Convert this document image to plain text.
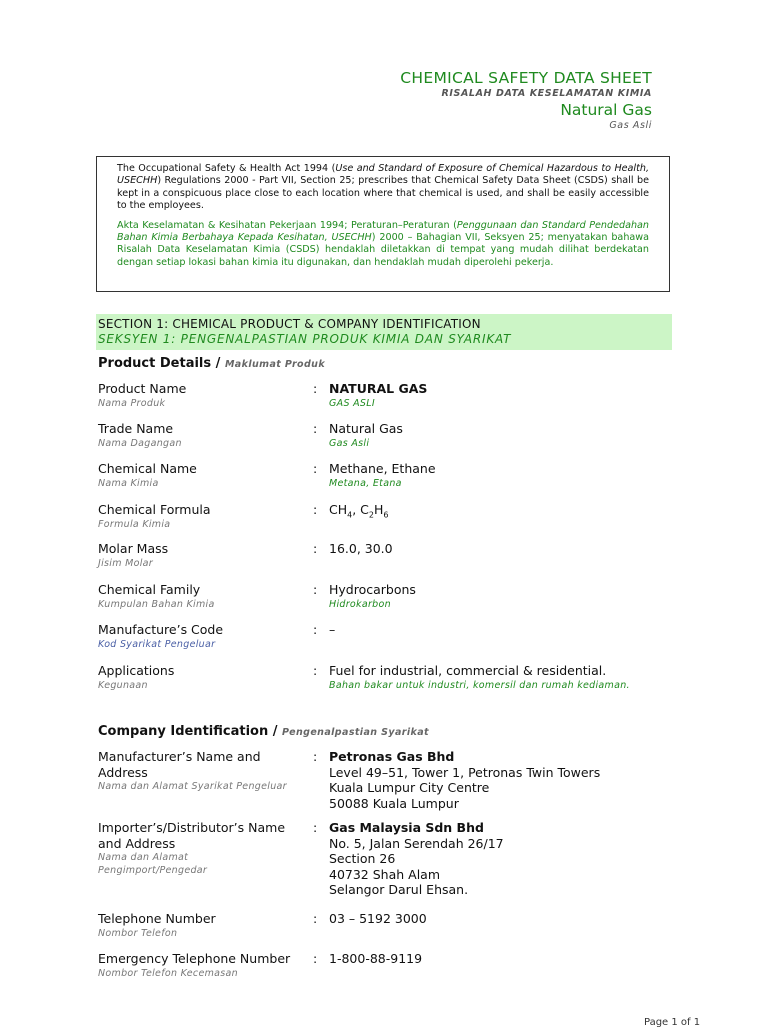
CHEMICAL SAFETY DATA SHEET
RISALAH DATA KESELAMATAN KIMIA
Natural Gas
Gas Asli

The Occupational Safety & Health Act 1994 (Use and Standard of Exposure of Chemical Hazardous to Health, USECHH) Regulations 2000 - Part VII, Section 25; prescribes that Chemical Safety Data Sheet (CSDS) shall be kept in a conspicuous place close to each location where that chemical is used, and shall be easily accessible to the employees.

Akta Keselamatan & Kesihatan Pekerjaan 1994; Peraturan–Peraturan (Penggunaan dan Standard Pendedahan Bahan Kimia Berbahaya Kepada Kesihatan, USECHH) 2000 – Bahagian VII, Seksyen 25; menyatakan bahawa Risalah Data Keselamatan Kimia (CSDS) hendaklah diletakkan di tempat yang mudah dilihat berdekatan dengan setiap lokasi bahan kimia itu digunakan, dan hendaklah mudah diperolehi pekerja.

SECTION 1: CHEMICAL PRODUCT & COMPANY IDENTIFICATION
SEKSYEN 1: PENGENALPASTIAN PRODUK KIMIA DAN SYARIKAT
Product Details / Maklumat Produk
Product Name
Nama Produk
: NATURAL GAS
GAS ASLI
Trade Name
Nama Dagangan
: Natural Gas
Gas Asli
Chemical Name
Nama Kimia
: Methane, Ethane
Metana, Etana
Chemical Formula
Formula Kimia
: $CH_4$, $C_2H_6$
Molar Mass
Jisim Molar
: 16.0, 30.0
Chemical Family
Kumpulan Bahan Kimia
: Hydrocarbons
Hidrokarbon
Manufacture’s Code
Kod Syarikat Pengeluar
: –
Applications
Kegunaan
: Fuel for industrial, commercial & residential.
Bahan bakar untuk industri, komersil dan rumah kediaman.
Company Identification / Pengenalpastian Syarikat
Manufacturer’s Name and
Address
Nama dan Alamat Syarikat Pengeluar
: Petronas Gas Bhd
Level 49–51, Tower 1, Petronas Twin Towers
Kuala Lumpur City Centre
50088 Kuala Lumpur
Importer’s/Distributor’s Name
and Address
Nama dan Alamat
Pengimport/Pengedar
: Gas Malaysia Sdn Bhd
No. 5, Jalan Serendah 26/17
Section 26
40732 Shah Alam
Selangor Darul Ehsan.
Telephone Number
Nombor Telefon
: 03 – 5192 3000
Emergency Telephone Number
Nombor Telefon Kecemasan
: 1-800-88-9119
Page 1 of 1
